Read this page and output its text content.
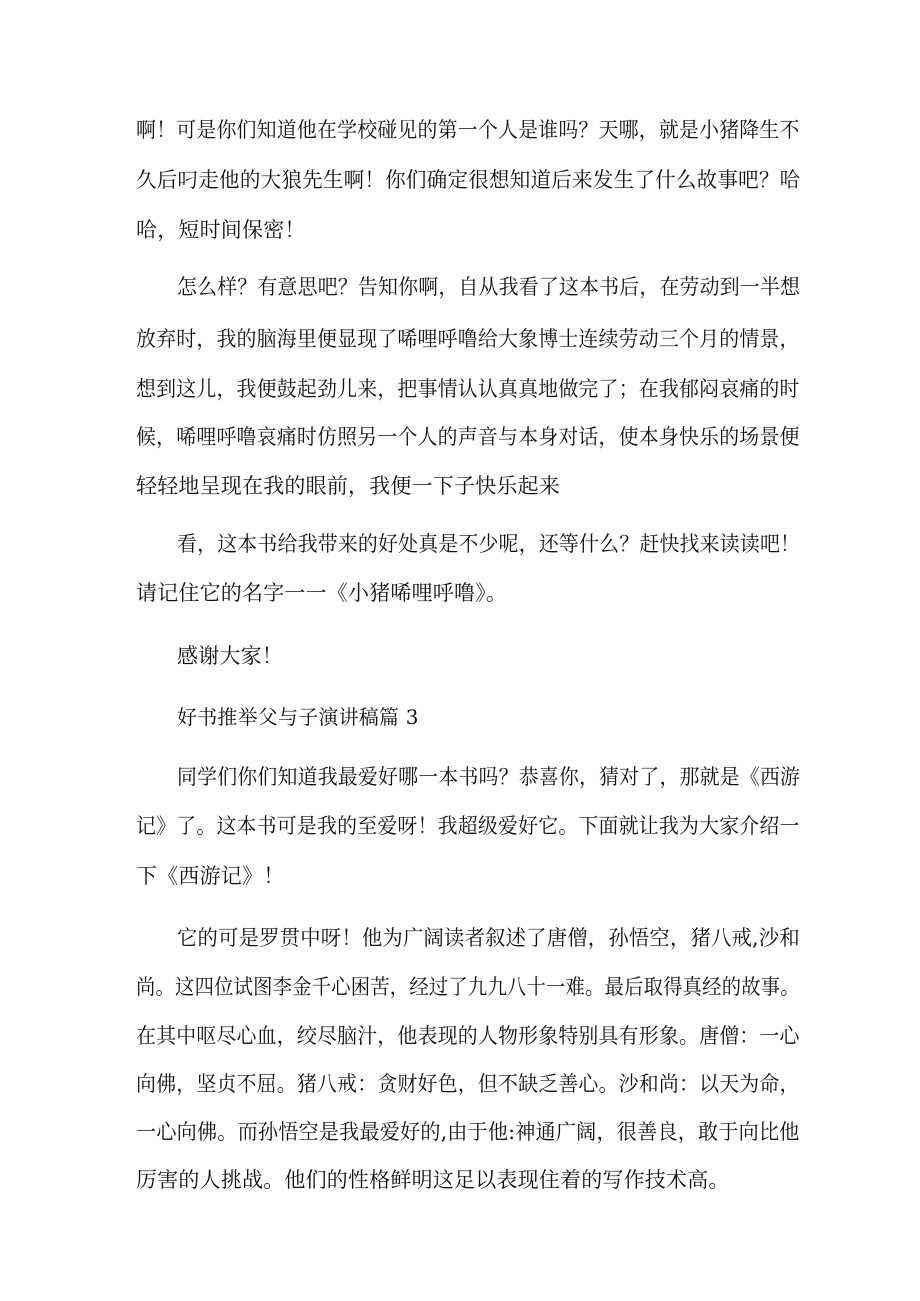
啊！可是你们知道他在学校碰见的第一个人是谁吗？天哪，就是小猪降生不
久后叼走他的大狼先生啊！你们确定很想知道后来发生了什么故事吧？哈
哈，短时间保密！
怎么样？有意思吧？告知你啊，自从我看了这本书后，在劳动到一半想
放弃时，我的脑海里便显现了唏哩呼噜给大象博士连续劳动三个月的情景，
想到这儿，我便鼓起劲儿来，把事情认认真真地做完了；在我郁闷哀痛的时
候，唏哩呼噜哀痛时仿照另一个人的声音与本身对话，使本身快乐的场景便
轻轻地呈现在我的眼前，我便一下子快乐起来
看，这本书给我带来的好处真是不少呢，还等什么？赶快找来读读吧！
请记住它的名字一一《小猪唏哩呼噜》。
感谢大家！
好书推举父与子演讲稿篇 3
同学们你们知道我最爱好哪一本书吗？恭喜你，猜对了，那就是《西游
记》了。这本书可是我的至爱呀！我超级爱好它。下面就让我为大家介绍一
下《西游记》！
它的可是罗贯中呀！他为广阔读者叙述了唐僧，孙悟空，猪八戒,沙和
尚。这四位试图李金千心困苦，经过了九九八十一难。最后取得真经的故事。
在其中呕尽心血，绞尽脑汁，他表现的人物形象特别具有形象。唐僧：一心
向佛，坚贞不屈。猪八戒：贪财好色，但不缺乏善心。沙和尚：以天为命，
一心向佛。而孙悟空是我最爱好的,由于他:神通广阔，很善良，敢于向比他
厉害的人挑战。他们的性格鲜明这足以表现住着的写作技术高。
